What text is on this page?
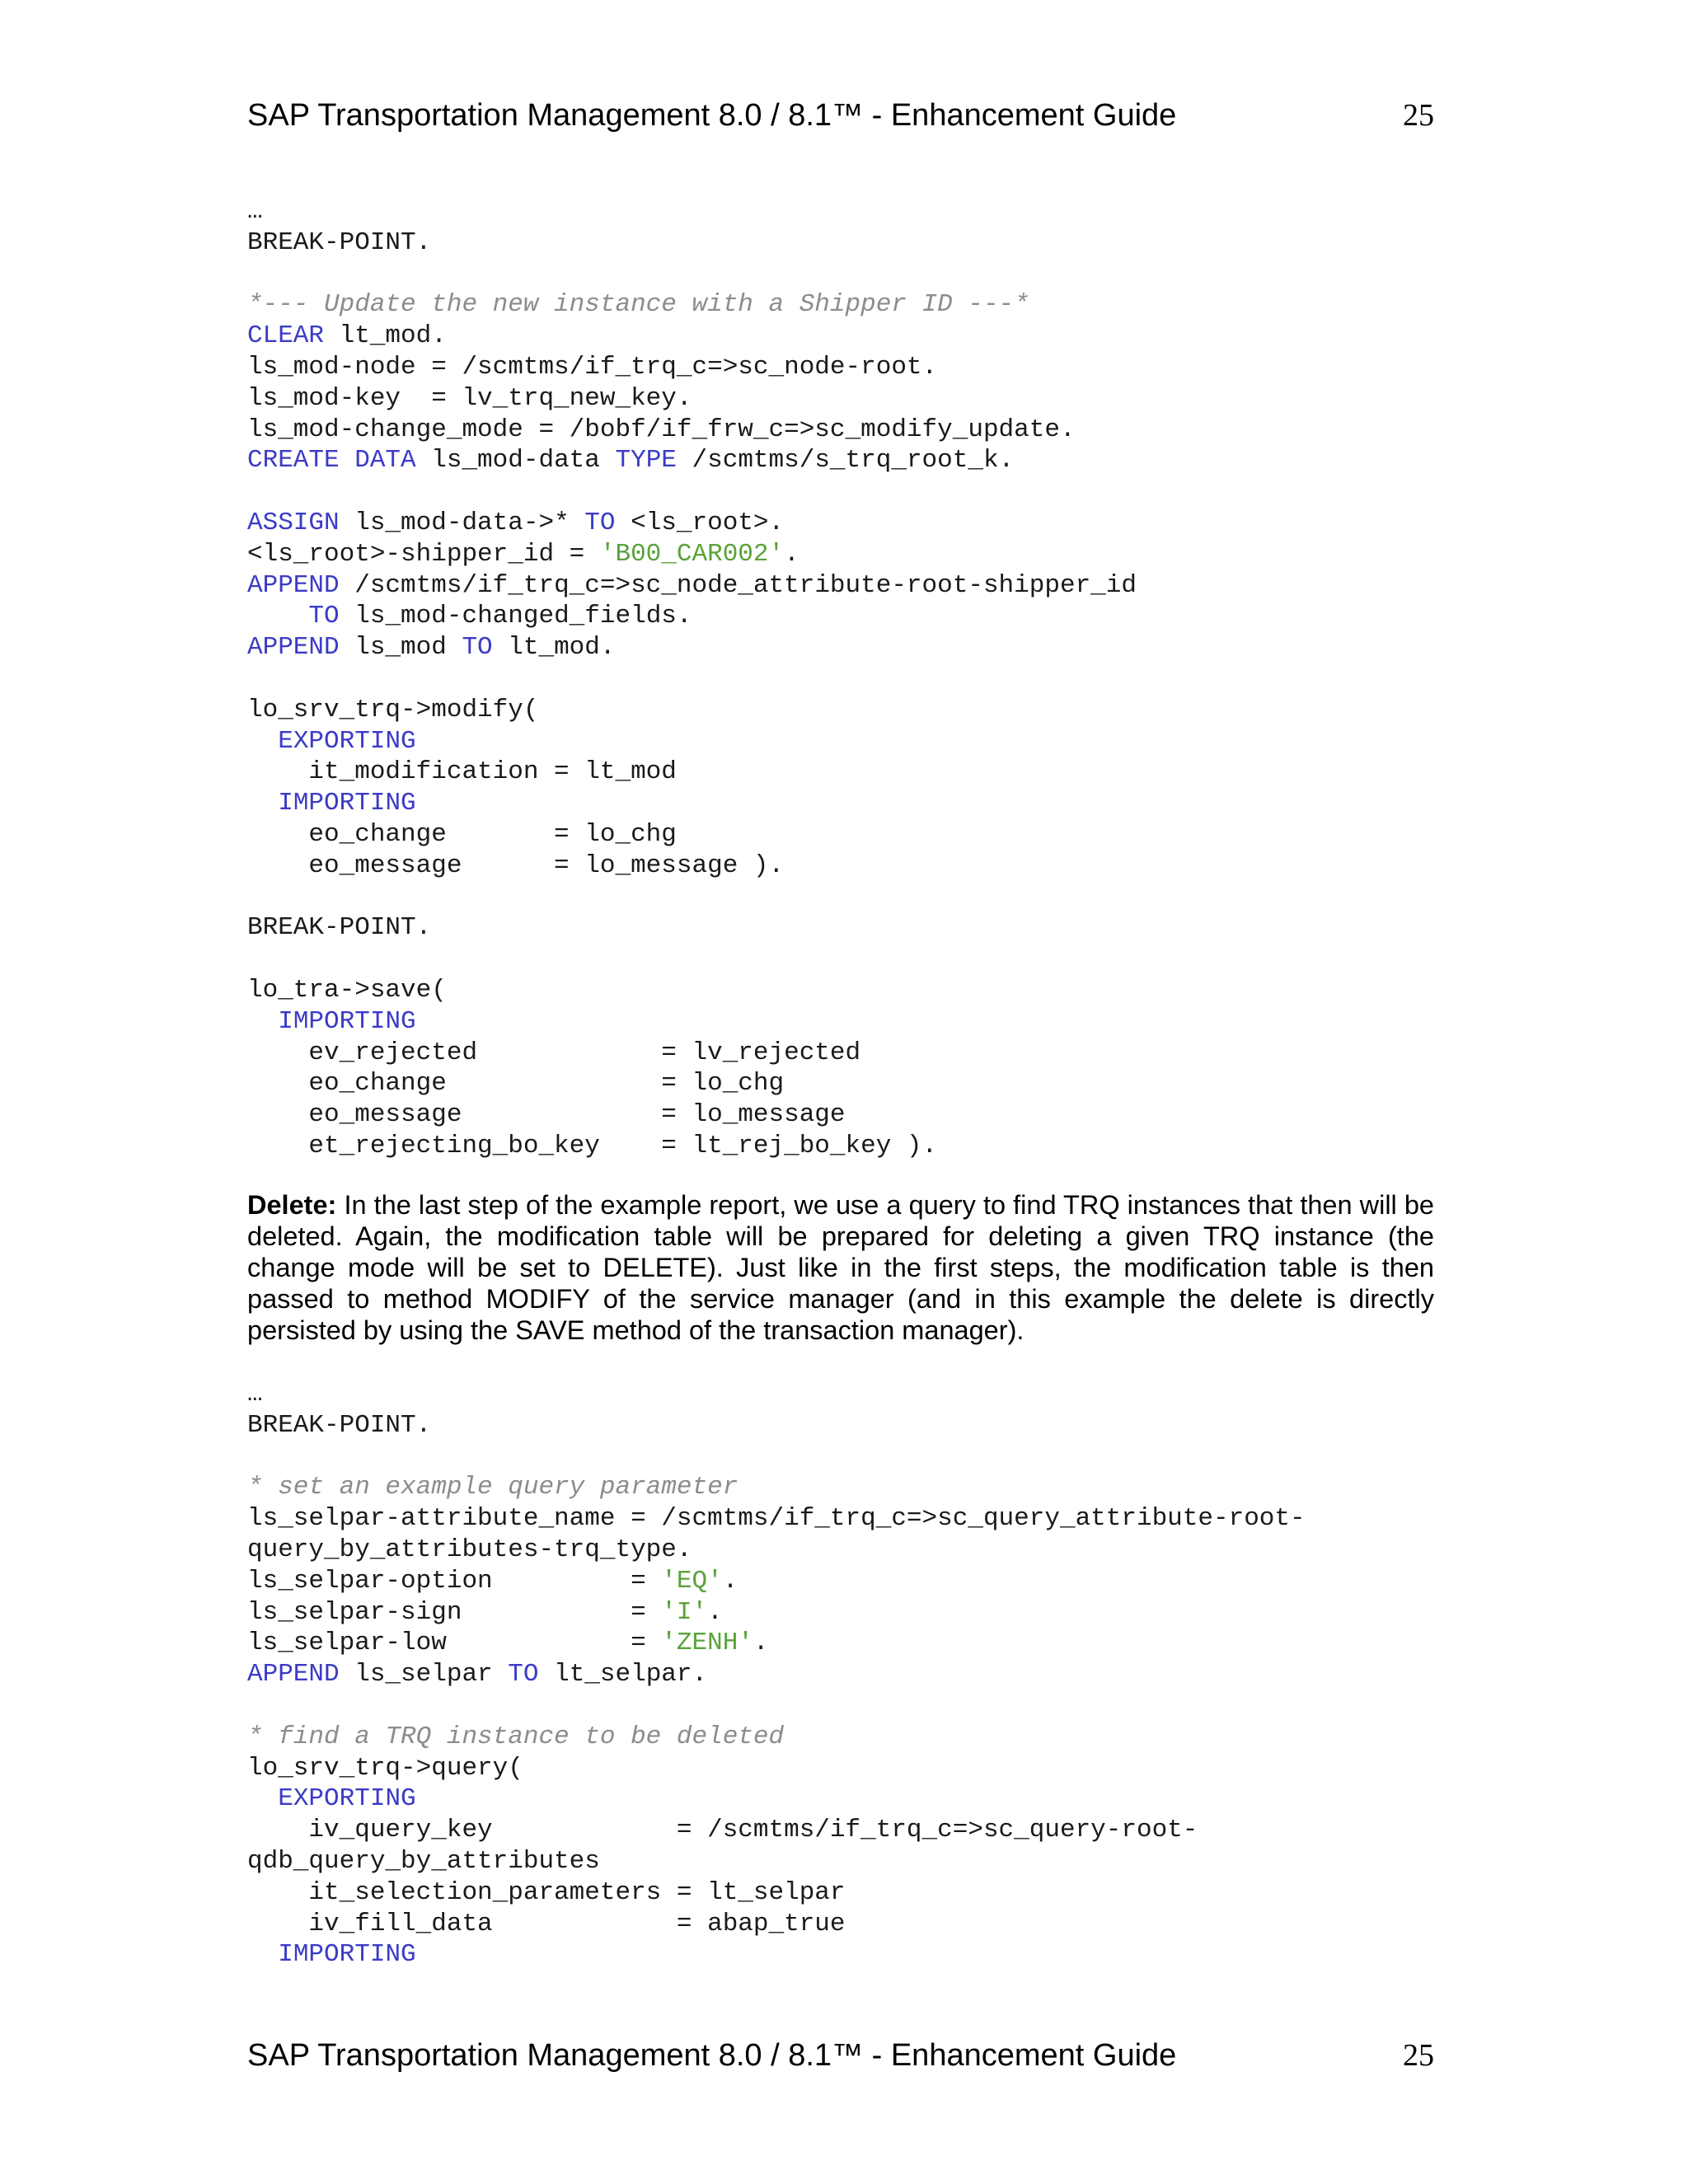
SAP Transportation Management 8.0 / 8.1™ - Enhancement Guide	25
…
BREAK-POINT.
*--- Update the new instance with a Shipper ID ---*
CLEAR lt_mod.
ls_mod-node = /scmtms/if_trq_c=>sc_node-root.
ls_mod-key  = lv_trq_new_key.
ls_mod-change_mode = /bobf/if_frw_c=>sc_modify_update.
CREATE DATA ls_mod-data TYPE /scmtms/s_trq_root_k.
ASSIGN ls_mod-data->* TO <ls_root>.
<ls_root>-shipper_id = 'B00_CAR002'.
APPEND /scmtms/if_trq_c=>sc_node_attribute-root-shipper_id
TO ls_mod-changed_fields.
APPEND ls_mod TO lt_mod.
lo_srv_trq->modify(
EXPORTING
it_modification = lt_mod
IMPORTING
eo_change       = lo_chg
eo_message      = lo_message ).
BREAK-POINT.
lo_tra->save(
IMPORTING
ev_rejected            = lv_rejected
eo_change              = lo_chg
eo_message             = lo_message
et_rejecting_bo_key    = lt_rej_bo_key ).

Delete: In the last step of the example report, we use a query to find TRQ instances that then will be deleted. Again, the modification table will be prepared for deleting a given TRQ instance (the change mode will be set to DELETE). Just like in the first steps, the modification table is then passed to method MODIFY of the service manager (and in this example the delete is directly persisted by using the SAVE method of the transaction manager).

…
BREAK-POINT.
* set an example query parameter
ls_selpar-attribute_name = /scmtms/if_trq_c=>sc_query_attribute-root-
query_by_attributes-trq_type.
ls_selpar-option         = 'EQ'.
ls_selpar-sign           = 'I'.
ls_selpar-low            = 'ZENH'.
APPEND ls_selpar TO lt_selpar.
* find a TRQ instance to be deleted
lo_srv_trq->query(
EXPORTING
iv_query_key            = /scmtms/if_trq_c=>sc_query-root-
qdb_query_by_attributes
it_selection_parameters = lt_selpar
iv_fill_data            = abap_true
IMPORTING
SAP Transportation Management 8.0 / 8.1™ - Enhancement Guide	25
